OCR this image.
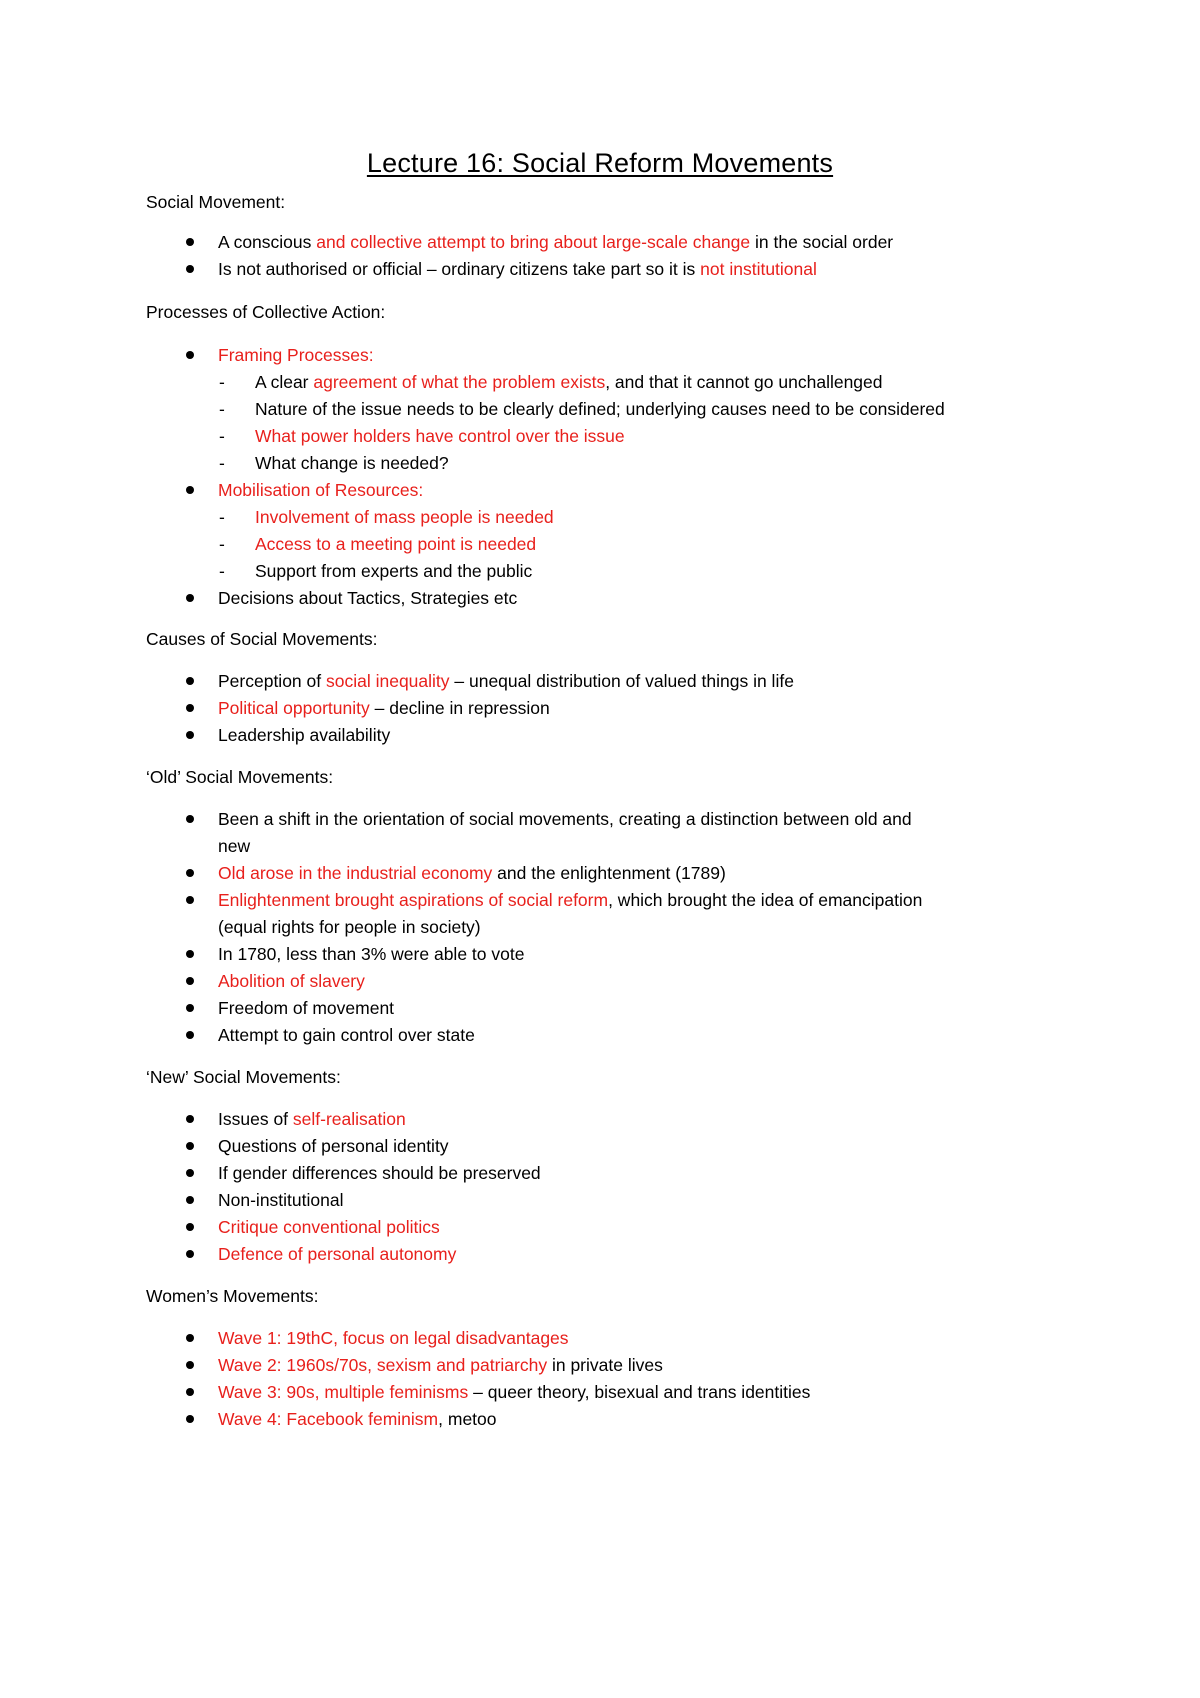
Lecture 16: Social Reform Movements
Social Movement:
A conscious and collective attempt to bring about large-scale change in the social order
Is not authorised or official – ordinary citizens take part so it is not institutional
Processes of Collective Action:
Framing Processes:
- A clear agreement of what the problem exists, and that it cannot go unchallenged
- Nature of the issue needs to be clearly defined; underlying causes need to be considered
- What power holders have control over the issue
- What change is needed?
Mobilisation of Resources:
- Involvement of mass people is needed
- Access to a meeting point is needed
- Support from experts and the public
Decisions about Tactics, Strategies etc
Causes of Social Movements:
Perception of social inequality – unequal distribution of valued things in life
Political opportunity – decline in repression
Leadership availability
‘Old’ Social Movements:
Been a shift in the orientation of social movements, creating a distinction between old and
new
Old arose in the industrial economy and the enlightenment (1789)
Enlightenment brought aspirations of social reform, which brought the idea of emancipation
(equal rights for people in society)
In 1780, less than 3% were able to vote
Abolition of slavery
Freedom of movement
Attempt to gain control over state
‘New’ Social Movements:
Issues of self-realisation
Questions of personal identity
If gender differences should be preserved
Non-institutional
Critique conventional politics
Defence of personal autonomy
Women’s Movements:
Wave 1: 19thC, focus on legal disadvantages
Wave 2: 1960s/70s, sexism and patriarchy in private lives
Wave 3: 90s, multiple feminisms – queer theory, bisexual and trans identities
Wave 4: Facebook feminism, metoo
